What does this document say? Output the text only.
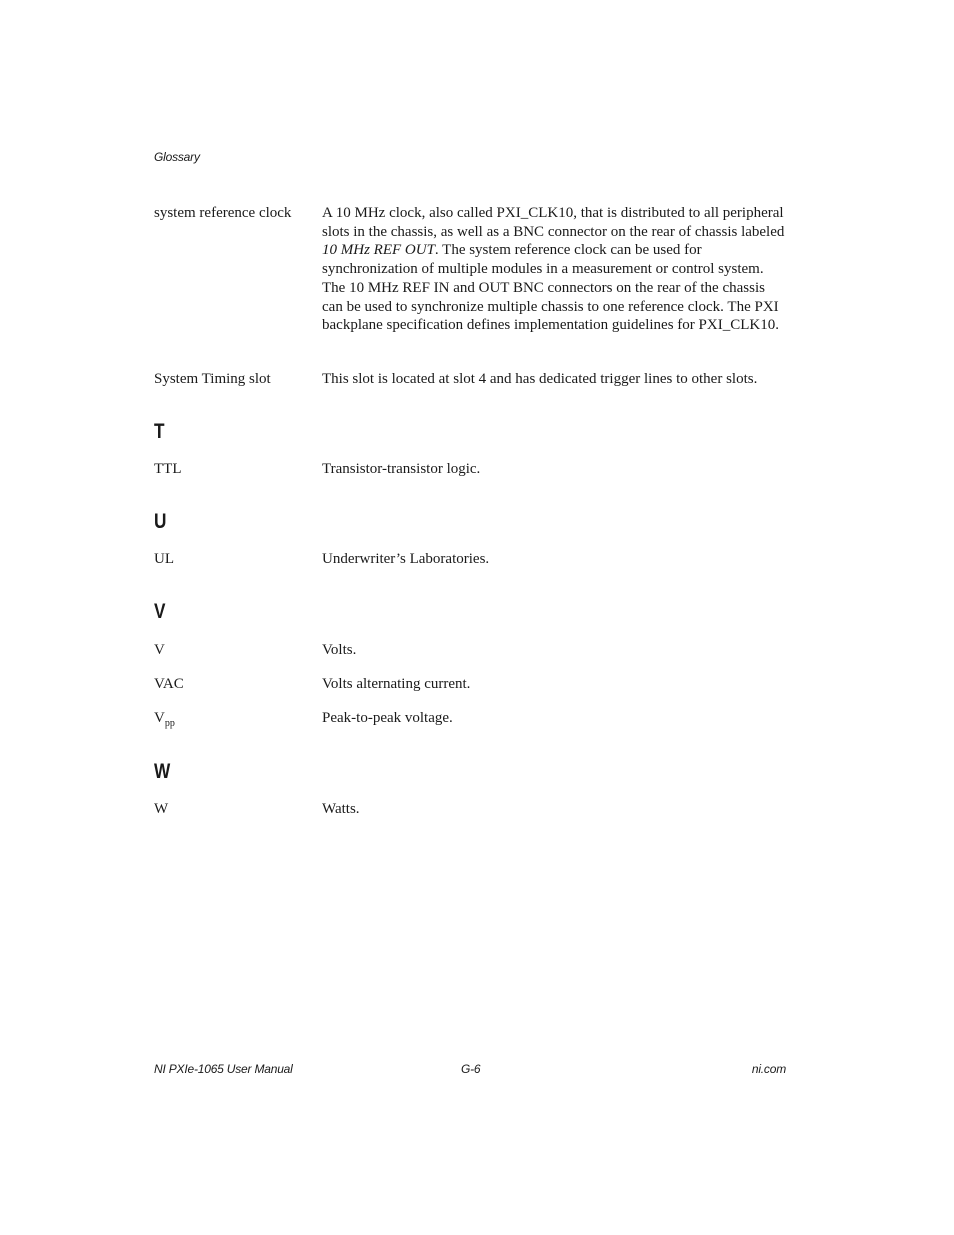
Glossary
system reference clock	A 10 MHz clock, also called PXI_CLK10, that is distributed to all peripheral slots in the chassis, as well as a BNC connector on the rear of chassis labeled 10 MHz REF OUT. The system reference clock can be used for synchronization of multiple modules in a measurement or control system. The 10 MHz REF IN and OUT BNC connectors on the rear of the chassis can be used to synchronize multiple chassis to one reference clock. The PXI backplane specification defines implementation guidelines for PXI_CLK10.
System Timing slot	This slot is located at slot 4 and has dedicated trigger lines to other slots.
T
TTL	Transistor-transistor logic.
U
UL	Underwriter’s Laboratories.
V
V	Volts.
VAC	Volts alternating current.
$V_{pp}$	Peak-to-peak voltage.
W
W	Watts.
NI PXIe-1065 User Manual	G-6	ni.com
